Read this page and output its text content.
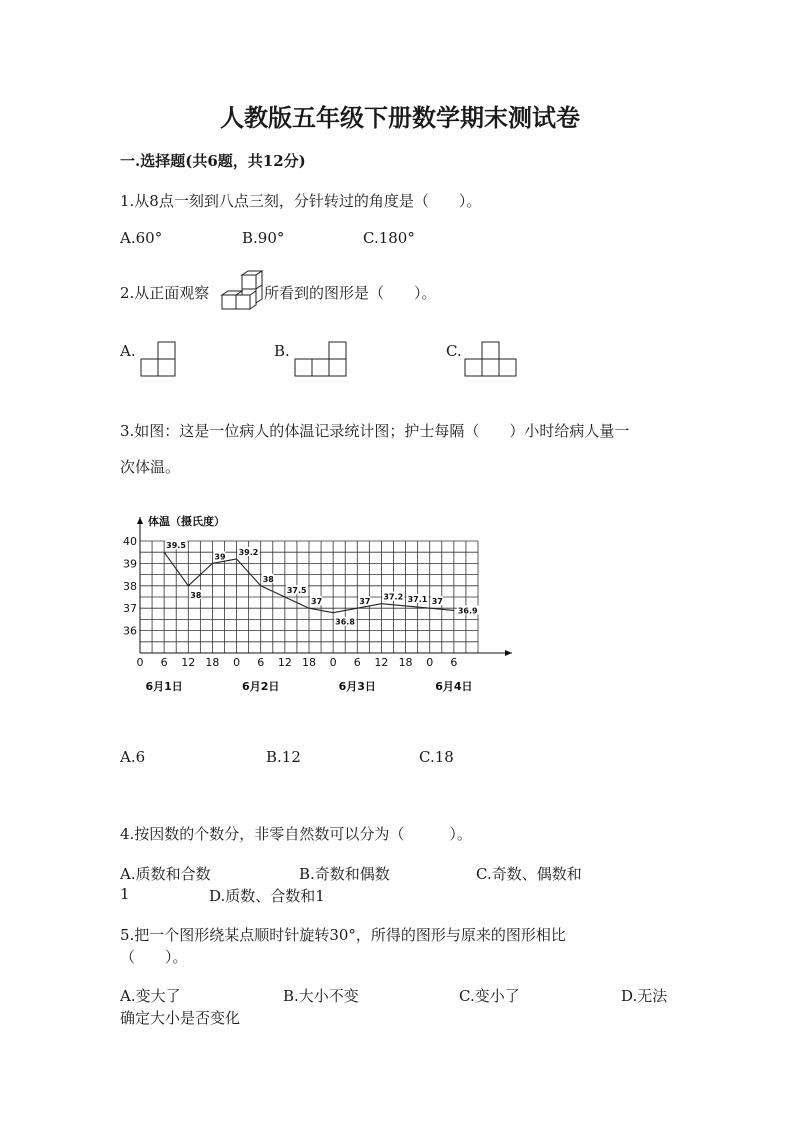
人教版五年级下册数学期末测试卷
一.选择题(共6题，共12分)
1.从8点一刻到八点三刻，分针转过的角度是（　　）。
A.60°	B.90°	C.180°
2.从正面观察	所看到的图形是（　　）。
A.	B.	C.
3.如图：这是一位病人的体温记录统计图；护士每隔（　　）小时给病人量一
次体温。
体温（摄氏度）
36
37
38
39
40
0 6 12 18 0 6 12 18 0 6 12 18 0 6
6月1日	6月2日	6月3日	6月4日
39.5
38
39 39.2
38
37.5
37
36.8
37 37.2 37.1 37
36.9
A.6	B.12	C.18
4.按因数的个数分，非零自然数可以分为（　　　）。
A.质数和合数	B.奇数和偶数	C.奇数、偶数和
1	D.质数、合数和1
5.把一个图形绕某点顺时针旋转30°，所得的图形与原来的图形相比
（　　）。
A.变大了	B.大小不变	C.变小了	D.无法
确定大小是否变化
